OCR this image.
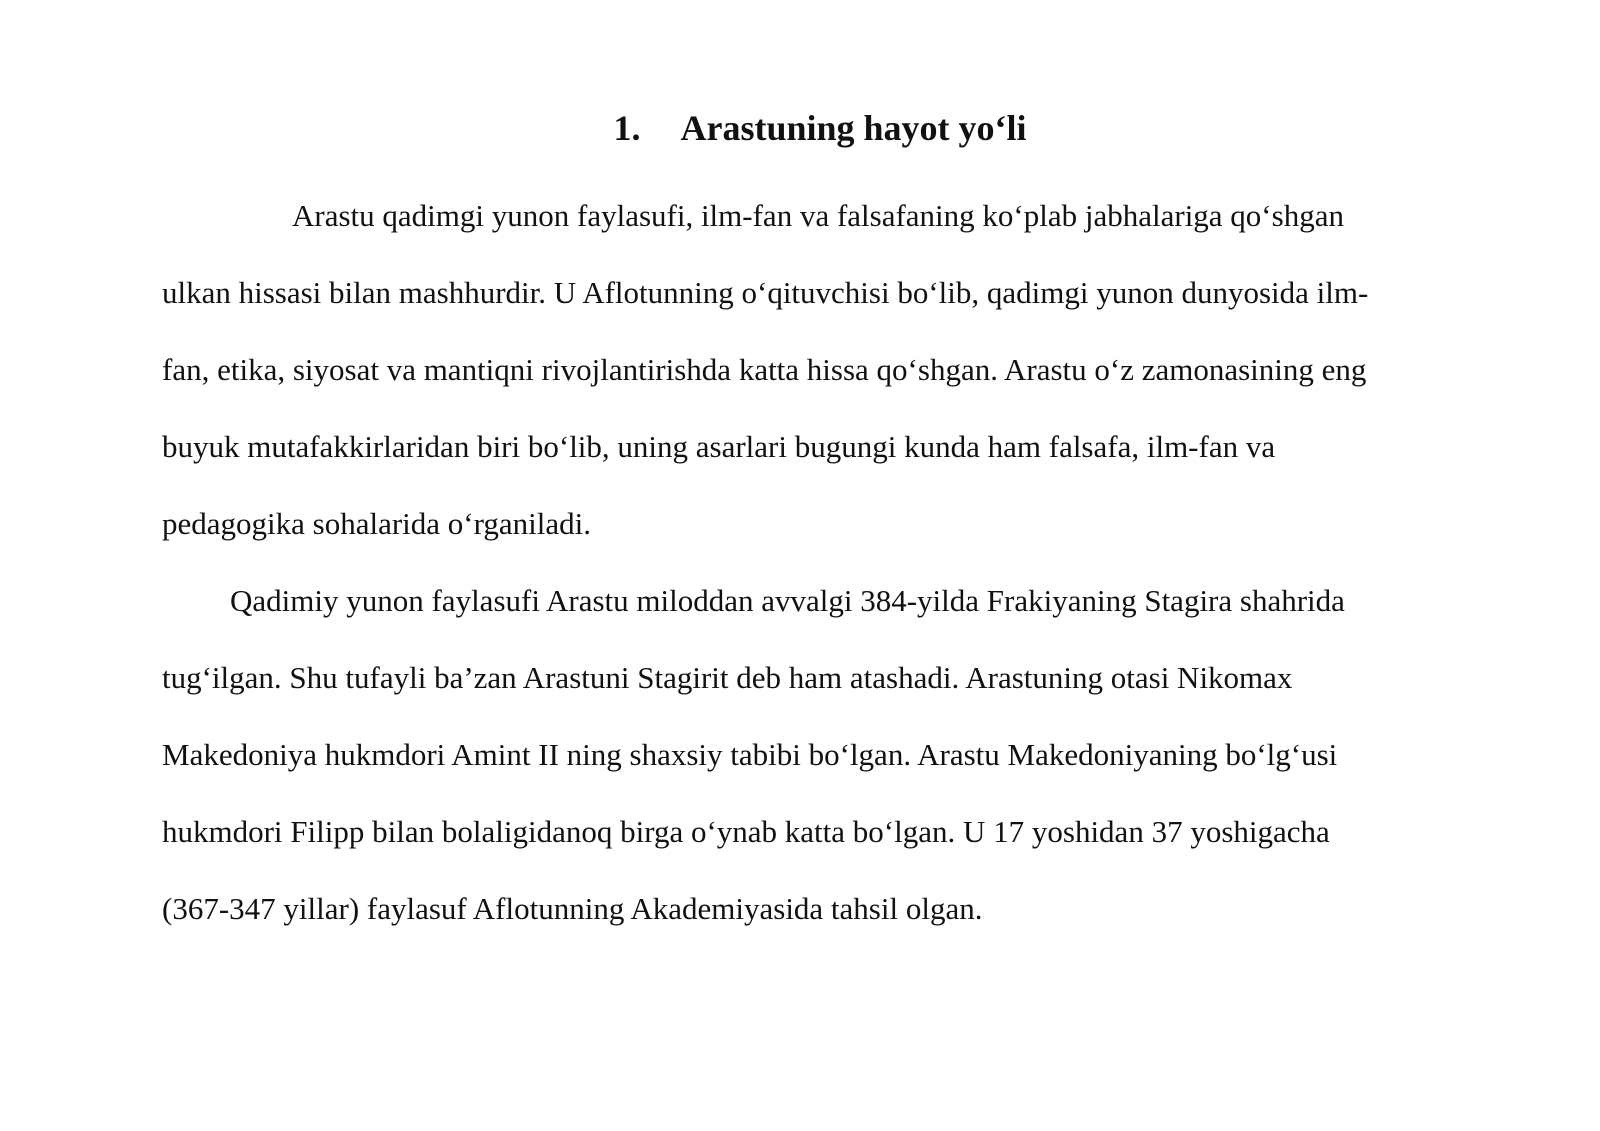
1. Arastuning hayot yo‘li
Arastu qadimgi yunon faylasufi, ilm-fan va falsafaning ko‘plab jabhalariga qo‘shgan
ulkan hissasi bilan mashhurdir. U Aflotunning o‘qituvchisi bo‘lib, qadimgi yunon dunyosida ilm-
fan, etika, siyosat va mantiqni rivojlantirishda katta hissa qo‘shgan. Arastu o‘z zamonasining eng
buyuk mutafakkirlaridan biri bo‘lib, uning asarlari bugungi kunda ham falsafa, ilm-fan va
pedagogika sohalarida o‘rganiladi.
Qadimiy yunon faylasufi Arastu miloddan avvalgi 384-yilda Frakiyaning Stagira shahrida
tug‘ilgan. Shu tufayli ba’zan Arastuni Stagirit deb ham atashadi. Arastuning otasi Nikomax
Makedoniya hukmdori Amint II ning shaxsiy tabibi bo‘lgan. Arastu Makedoniyaning bo‘lg‘usi
hukmdori Filipp bilan bolaligidanoq birga o‘ynab katta bo‘lgan. U 17 yoshidan 37 yoshigacha
(367-347 yillar) faylasuf Aflotunning Akademiyasida tahsil olgan.
